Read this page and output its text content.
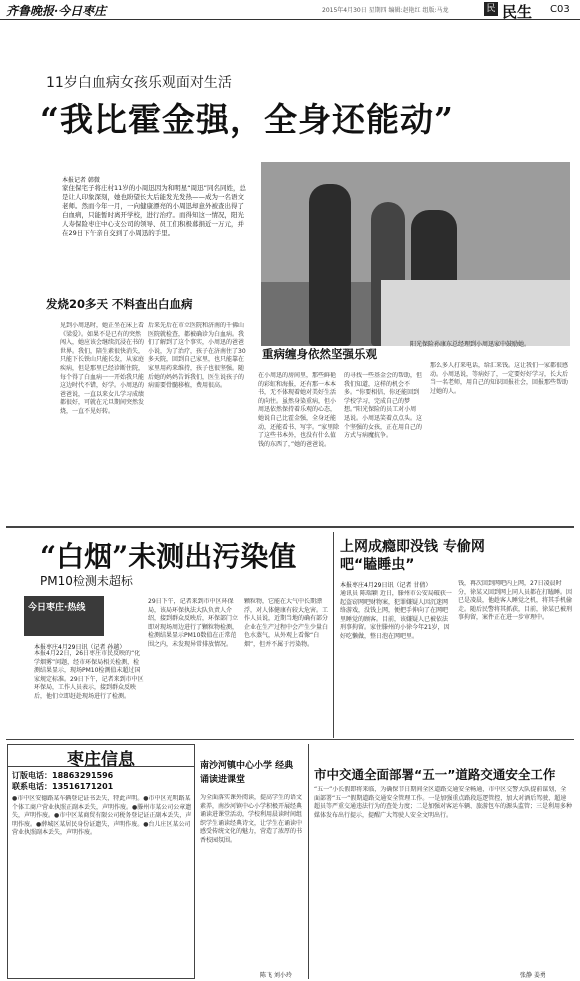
齐鲁晚报·今日枣庄	2015年4月30日 星期四 编辑:赵艳红 组版:马龙	民 民生 C03
11岁白血病女孩乐观面对生活
“我比霍金强，全身还能动”
本报记者 韩微
家住保宅子将庄村11岁的小周迅因为和明星“周迅”同名同姓，总是让人印象深刻，她也盼望长大后能发光发热——成为一名语文老师。然而今年一月，一向健康漂亮的小周迅却意外被查出得了白血病，只能暂时离开学校，进行治疗。而得知这一情况，阳光人寿保险枣庄中心支公司的领导、员工们积极募捐近一万元，并在29日下午亲自交到了小周迅的手里。
阳光保险孙康东总经理到小周迅家中鼓励她。
发烧20多天 不料查出白血病
重病缠身依然坚强乐观
见到小周迅时，她正坐在床上看《梁爱》。如果不是已有的突然闯入，她应该会继续沉浸在书的世界。我们，陪生素很快消失，只能下长铁山只能长发，从家庭疾病，但是那里已经诊断住院，每个得了白血病一一开始我只能这边时代不错，好学。小周迅的爸爸说，一直以来女儿学习成绩都很好，可就在元旦期间突然发烧，一直不见好转。
后来先后在市立医院和济南的千佛山医院就检查，都被确诊为白血病。我们了解到了这个事实，小周迅的爸爸小说，为了治疗，孩子在济南住了30多天院，回到自己家里，也只能靠在家里用药来维持，孩子也很坚强。随后她的妈妈告诉我们，医生说孩子的病需要骨髓移植，费用很高。
在小周迅的房间里，那些鲜艳的彩虹和海报，还有那一本本书，无不体现着她对美好生活的向往。虽然身染重病，但小周迅依然保持着乐观的心态，她说自己比霍金强，全身还能动，还能看书、写字。“家里除了这些书本外，也没有什么值钱的东西了，”她的爸爸说。
的寻找一些基金会的帮助，但我们知道，这样的机会不多。“你要相信，你还能回到学校学习，完成自己的梦想。”阳光保险的员工对小周迅说。小周迅笑着点点头。这个坚强的女孩，正在用自己的方式与病魔抗争。
那么多人打来电话，给汇来钱。这让我们一家都很感动。小周迅说，等病好了，一定要好好学习，长大后当一名老师，用自己的知识回报社会，回报那些帮助过她的人。
“白烟”未测出污染值
PM10检测未超标
今日枣庄·热线
本报枣庄4月29日讯（记者 孙越）
本报4月22日，26日枣庄市民反映的“化学烟雾”问题，经市环保局相关检测，检测结果显示，现场PM10检测值未超过国家规定标准。29日下午，记者来到市中区环保局，工作人员表示，接到群众反映后，他们立即赶赴现场进行了检测。
29日下午，记者来到市中区环保局，该局环保执法大队负责人介绍，接到群众反映后，环保部门立即对现场周边进行了颗粒物检测，检测结果显示PM10数值在正常范围之内，未发现异常排放情况。
颗粒物，它能在大气中长期漂浮，对人体健康有较大危害。工作人员说，近期当地的确有部分企业在生产过程中会产生少量白色水蒸气，从外观上看像“白烟”，但并不属于污染物。
上网成瘾即没钱 专偷网吧“瞌睡虫”
本报枣庄4月29日讯（记者 甘倩）
通讯员 陈瑞颖 近日，滕州市公安局破获一起盗窃网吧财物案，犯罪嫌疑人因沉迷网络游戏，没钱上网，便把手伸向了在网吧里睡觉的顾客。目前，该嫌疑人已被依法刑事拘留。家住滕州的小徐今年21岁，因好吃懒做，整日泡在网吧里。
钱，再次回到网吧内上网，27日凌晨时分，徐某又回到网上同人员都在打瞌睡。因已是凌晨，他趁客人睡觉之机，将其手机偷走。随后民警将其抓获，目前，徐某已被刑事拘留，案件正在进一步审理中。
枣庄信息
订版电话：18863291596
联系电话：13516171201
●市中区安德路某车辆登记证书丢失，特此声明。●市中区光明路某个体工商户营业执照正副本丢失，声明作废。●滕州市某公司公章遗失，声明作废。●市中区某商贸有限公司税务登记证正副本丢失，声明作废。●薛城区某居民身份证遗失，声明作废。●台儿庄区某公司营业执照副本丢失，声明作废。
南沙河镇中心小学 经典诵读进课堂
为全面落实课外阅读，提高学生的语文素养，南沙河镇中心小学积极开展经典诵读进课堂活动，学校利用晨读时间组织学生诵读经典诗文，让学生在诵读中感受传统文化的魅力，营造了浓厚的书香校园氛围。
陈飞 刘小玲
市中交通全面部署“五一”道路交通安全工作
“五一”小长假即将来临，为确保节日期间全区道路交通安全畅通，市中区交警大队提前谋划，全面部署“五一”假期道路交通安全管理工作。一是加强重点路段巡逻管控，加大对酒后驾驶、超速超员等严重交通违法行为的查处力度；二是加强对客运车辆、旅游包车的源头监管；三是利用多种媒体发布出行提示，提醒广大驾驶人安全文明出行。
张静 姜勇
